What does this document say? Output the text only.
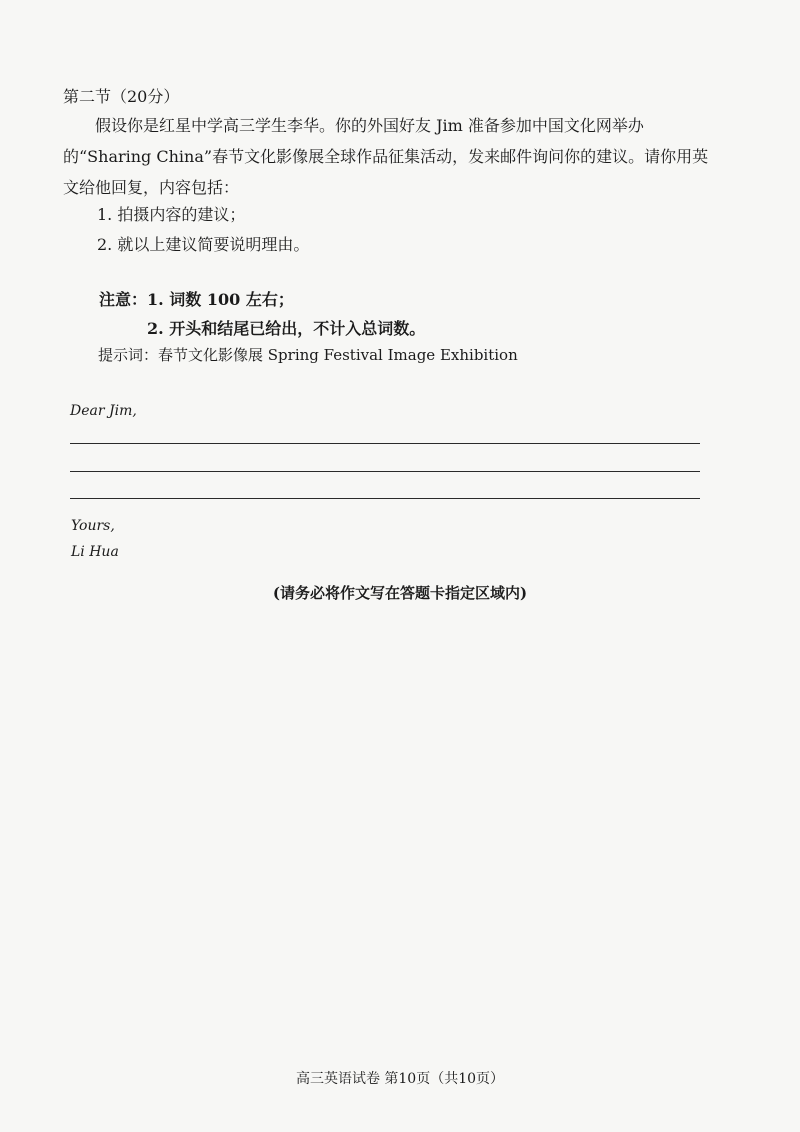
第二节（20分）
假设你是红星中学高三学生李华。你的外国好友 Jim 准备参加中国文化网举办的“Sharing China”春节文化影像展全球作品征集活动，发来邮件询问你的建议。请你用英文给他回复，内容包括：
1. 拍摄内容的建议；
2. 就以上建议简要说明理由。
注意：1. 词数 100 左右；
2. 开头和结尾已给出，不计入总词数。
提示词：春节文化影像展 Spring Festival Image Exhibition
Dear Jim,
Yours,
Li Hua
(请务必将作文写在答题卡指定区域内)
高三英语试卷 第10页（共10页）
